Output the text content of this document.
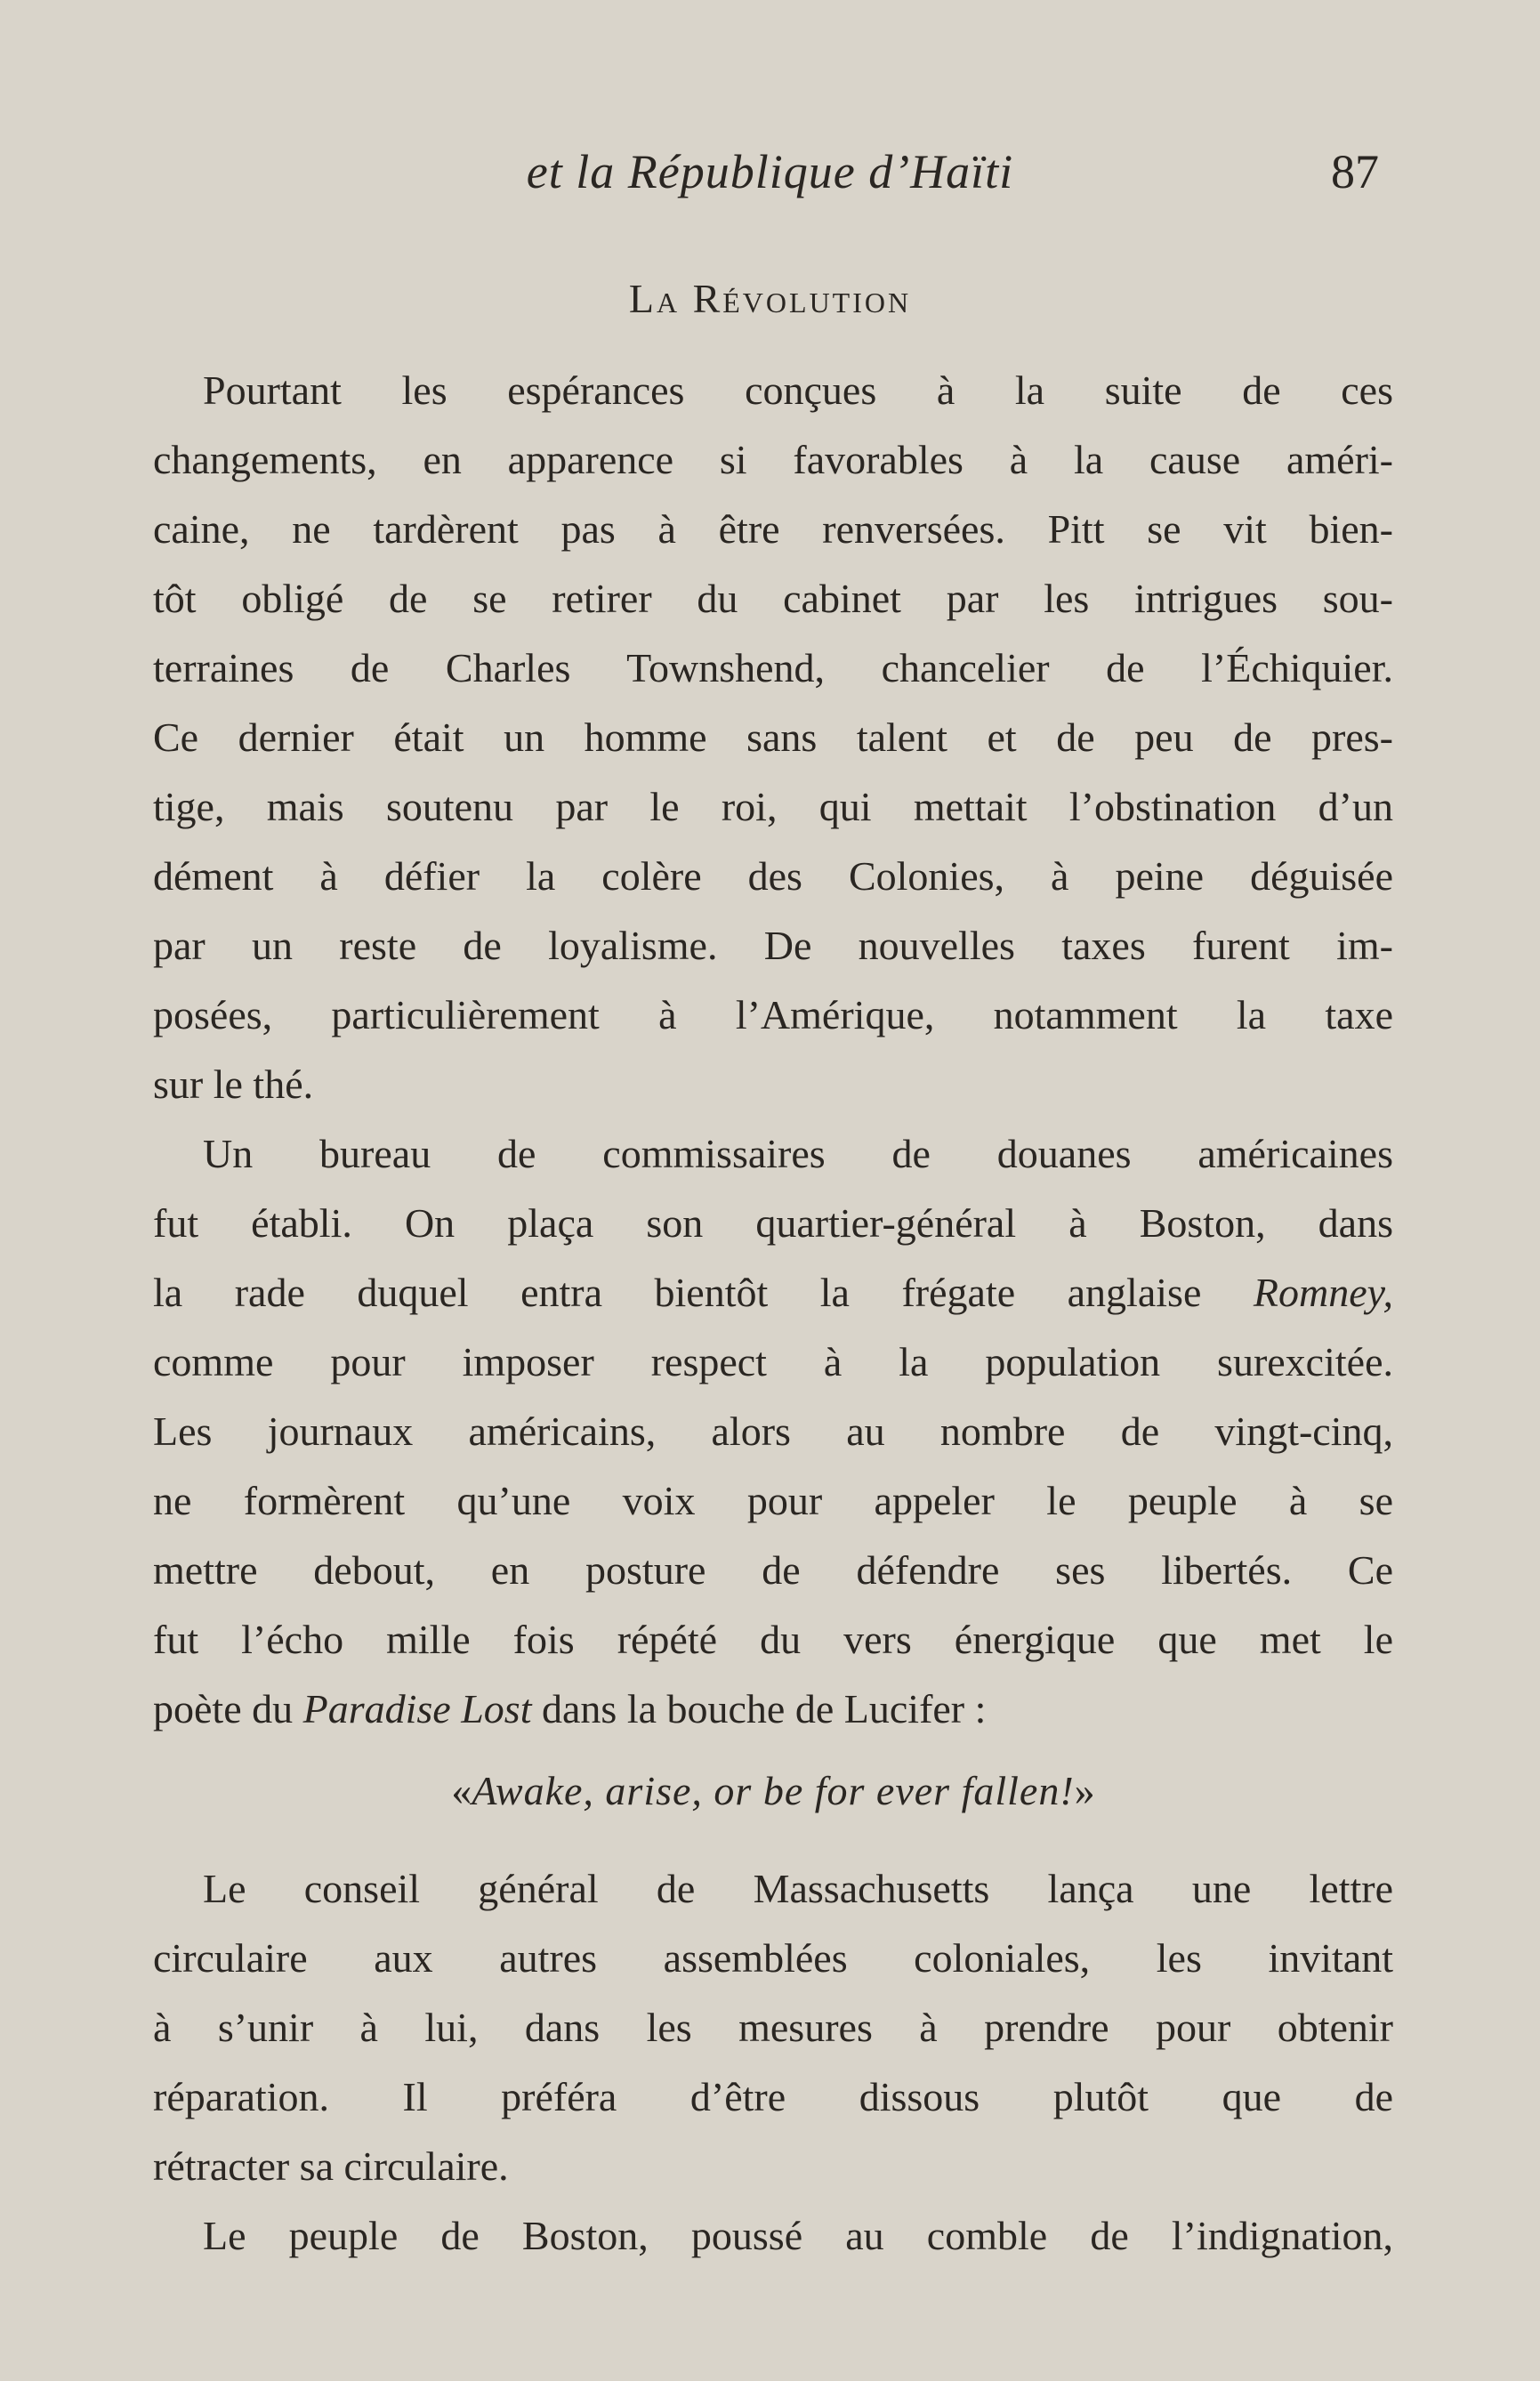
et la République d’Haïti	87
La Révolution
Pourtant les espérances conçues à la suite de ces
changements, en apparence si favorables à la cause améri-
caine, ne tardèrent pas à être renversées. Pitt se vit bien-
tôt obligé de se retirer du cabinet par les intrigues sou-
terraines de Charles Townshend, chancelier de l’Échiquier.
Ce dernier était un homme sans talent et de peu de pres-
tige, mais soutenu par le roi, qui mettait l’obstination d’un
dément à défier la colère des Colonies, à peine déguisée
par un reste de loyalisme. De nouvelles taxes furent im-
posées, particulièrement à l’Amérique, notamment la taxe
sur le thé.
Un bureau de commissaires de douanes américaines
fut établi. On plaça son quartier-général à Boston, dans
la rade duquel entra bientôt la frégate anglaise Romney,
comme pour imposer respect à la population surexcitée.
Les journaux américains, alors au nombre de vingt-cinq,
ne formèrent qu’une voix pour appeler le peuple à se
mettre debout, en posture de défendre ses libertés. Ce
fut l’écho mille fois répété du vers énergique que met le
poète du Paradise Lost dans la bouche de Lucifer :
«Awake, arise, or be for ever fallen!»
Le conseil général de Massachusetts lança une lettre
circulaire aux autres assemblées coloniales, les invitant
à s’unir à lui, dans les mesures à prendre pour obtenir
réparation. Il préféra d’être dissous plutôt que de
rétracter sa circulaire.
Le peuple de Boston, poussé au comble de l’indignation,
